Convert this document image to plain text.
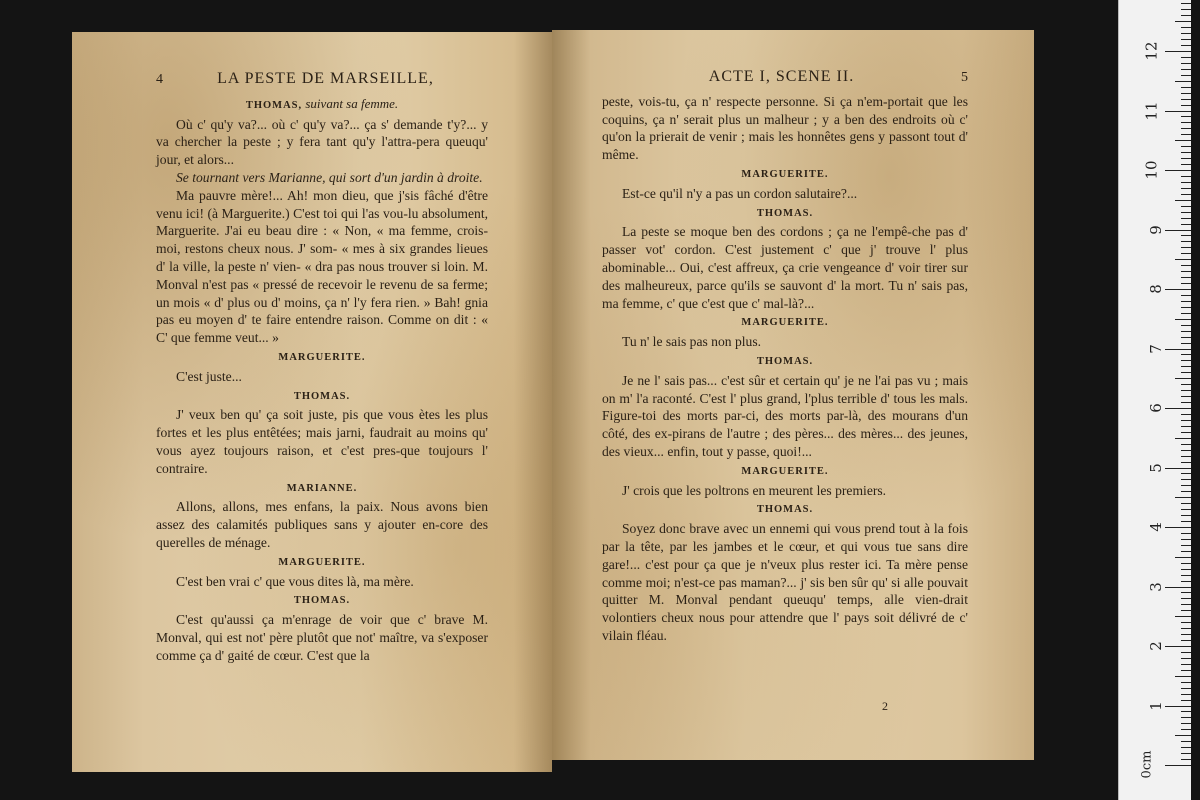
4	LA PESTE DE MARSEILLE,
THOMAS, suivant sa femme.

Où c' qu'y va?... où c' qu'y va?... ça s' demande t'y?... y va chercher la peste ; y fera tant qu'y l'attra-pera queuqu' jour, et alors...

Se tournant vers Marianne, qui sort d'un jardin à droite.

Ma pauvre mère!... Ah! mon dieu, que j'sis fâché d'être venu ici! (à Marguerite.) C'est toi qui l'as vou-lu absolument, Marguerite. J'ai eu beau dire : « Non, « ma femme, crois-moi, restons cheux nous. J' som- « mes à six grandes lieues d' la ville, la peste n' vien- « dra pas nous trouver si loin. M. Monval n'est pas « pressé de recevoir le revenu de sa ferme; un mois « d' plus ou d' moins, ça n' l'y fera rien. » Bah! gnia pas eu moyen d' te faire entendre raison. Comme on dit : « C' que femme veut... »

MARGUERITE.

C'est juste...

THOMAS.

J' veux ben qu' ça soit juste, pis que vous ètes les plus fortes et les plus entêtées; mais jarni, faudrait au moins qu' vous ayez toujours raison, et c'est pres-que toujours l' contraire.

MARIANNE.

Allons, allons, mes enfans, la paix. Nous avons bien assez des calamités publiques sans y ajouter en-core des querelles de ménage.

MARGUERITE.

C'est ben vrai c' que vous dites là, ma mère.

THOMAS.

C'est qu'aussi ça m'enrage de voir que c' brave M. Monval, qui est not' père plutôt que not' maître, va s'exposer comme ça d' gaité de cœur. C'est que la

ACTE I, SCENE II.	5

peste, vois-tu, ça n' respecte personne. Si ça n'em-portait que les coquins, ça n' serait plus un malheur ; y a ben des endroits où c' qu'on la prierait de venir ; mais les honnêtes gens y passont tout d' même.

MARGUERITE.

Est-ce qu'il n'y a pas un cordon salutaire?...

THOMAS.

La peste se moque ben des cordons ; ça ne l'empê-che pas d' passer vot' cordon. C'est justement c' que j' trouve l' plus abominable... Oui, c'est affreux, ça crie vengeance d' voir tirer sur des malheureux, parce qu'ils se sauvont d' la mort. Tu n' sais pas, ma femme, c' que c'est que c' mal-là?...

MARGUERITE.

Tu n' le sais pas non plus.

THOMAS.

Je ne l' sais pas... c'est sûr et certain qu' je ne l'ai pas vu ; mais on m' l'a raconté. C'est l' plus grand, l'plus terrible d' tous les mals. Figure-toi des morts par-ci, des morts par-là, des mourans d'un côté, des ex-pirans de l'autre ; des pères... des mères... des jeunes, des vieux... enfin, tout y passe, quoi!...

MARGUERITE.

J' crois que les poltrons en meurent les premiers.

THOMAS.

Soyez donc brave avec un ennemi qui vous prend tout à la fois par la tête, par les jambes et le cœur, et qui vous tue sans dire gare!... c'est pour ça que je n'veux plus rester ici. Ta mère pense comme moi; n'est-ce pas maman?... j' sis ben sûr qu' si alle pouvait quitter M. Monval pendant queuqu' temps, alle vien-drait volontiers cheux nous pour attendre que l' pays soit délivré de c' vilain fléau.

2
0cm
1
2
3
4
5
6
7
8
9
10
11
12
